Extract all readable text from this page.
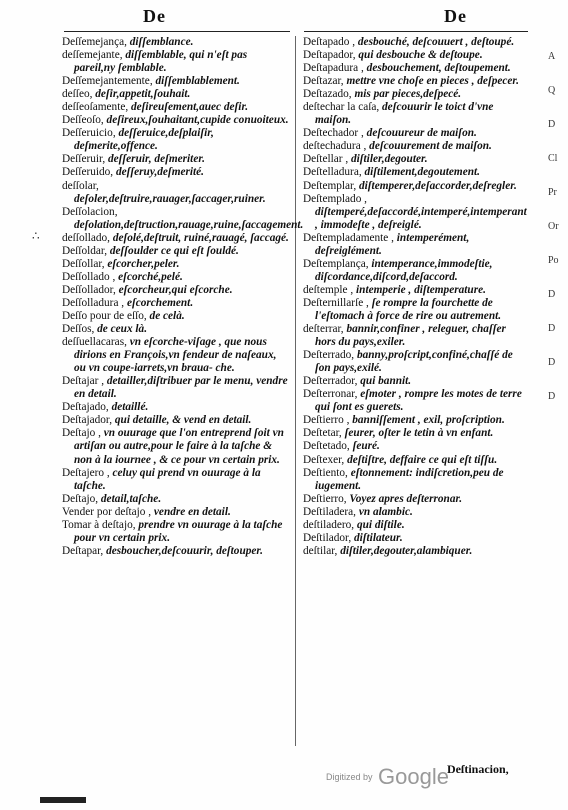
De	De
∴

Deſſemejança, diſſemblance.

deſſemejante, diſſemblable, qui n'eſt pas pareil,ny ſemblable.

Deſſemejantemente, diſſemblablement.

deſſeo, deſir,appetit,ſouhait.

deſſeoſamente, deſireuſement,auec deſir.

Deſſeoſo, deſireux,ſouhaitant,cupide conuoiteux.

Deſſeruicio, deſſeruice,deſplaiſir, deſmerite,offence.

Deſſeruir, deſſeruir, deſmeriter.

Deſſeruido, deſſeruy,deſmerité.

deſſolar, deſoler,deſtruire,rauager,ſaccager,ruiner.

Deſſolacion, deſolation,deſtruction,rauage,ruine,ſaccagement.

deſſollado, deſolé,deſtruit, ruiné,rauagé, ſaccagé.

Deſſoldar, deſſoulder ce qui eſt ſouldé.

Deſſollar, eſcorcher,peler.

Deſſollado , eſcorché,pelé.

Deſſollador, eſcorcheur,qui eſcorche.

Deſſolladura , eſcorchement.

Deſſo pour de eſſo, de celà.

Deſſos, de ceux là.

deſſuellacaras, vn eſcorche-viſage , que nous dirions en François,vn fendeur de naſeaux, ou vn coupe-iarrets,vn braua- che.

Deſtajar , detailler,diſtribuer par le menu, vendre en detail.

Deſtajado, detaillé.

Deſtajador, qui detaille, & vend en detail.

Deſtajo , vn ouurage que l'on entreprend ſoit vn artiſan ou autre,pour le faire à la taſche & non à la iournee , & ce pour vn certain prix.

Deſtajero , celuy qui prend vn ouurage à la taſche.

Deſtajo, detail,taſche.

Vender por deſtajo , vendre en detail.

Tomar à deſtajo, prendre vn ouurage à la taſche pour vn certain prix.

Deſtapar, desboucher,deſcouurir, deſtouper.

Deſtapado , desbouché, deſcouuert , deſtoupé.

Deſtapador, qui desbouche & deſtoupe.

Deſtapadura , desbouchement, deſtoupement.

Deſtazar, mettre vne choſe en pieces , deſpecer.

Deſtazado, mis par pieces,deſpecé.

deſtechar la caſa, deſcouurir le toict d'vne maiſon.

Deſtechador , deſcouureur de maiſon.

deſtechadura , deſcouurement de maiſon.

Deſtellar , diſtiler,degouter.

Deſtelladura, diſtilement,degoutement.

Deſtemplar, diſtemperer,deſaccorder,deſregler.

Deſtemplado , diſtemperé,deſaccordé,intemperé,intemperant , immodeſte , deſreiglé.

Deſtempladamente , intemperément, deſreiglément.

Deſtemplança, intemperance,immodeſtie, diſcordance,diſcord,deſaccord.

deſtemple , intemperie , diſtemperature.

Deſternillarſe , ſe rompre la fourchette de l'eſtomach à force de rire ou autrement.

deſterrar, bannir,confiner , releguer, chaſſer hors du pays,exiler.

Deſterrado, banny,proſcript,confiné,chaſſé de ſon pays,exilé.

Deſterrador, qui bannit.

Deſterronar, eſmoter , rompre les motes de terre qui ſont es guerets.

Deſtierro , banniſſement , exil, proſcription.

Deſtetar, ſeurer, oſter le tetin à vn enfant.

Deſtetado, ſeuré.

Deſtexer, deſtiſtre, deffaire ce qui eſt tiſſu.

Deſtiento, eſtonnement: indiſcretion,peu de iugement.

Deſtierro, Voyez apres deſterronar.

Deſtiladera, vn alambic.

deſtiladero, qui diſtile.

Deſtilador, diſtilateur.

deſtilar, diſtiler,degouter,alambiquer.

A
Q
D
Cl
Pr
Or
Po
D
D
D
D
Deſtinacion,
Digitized by Google
